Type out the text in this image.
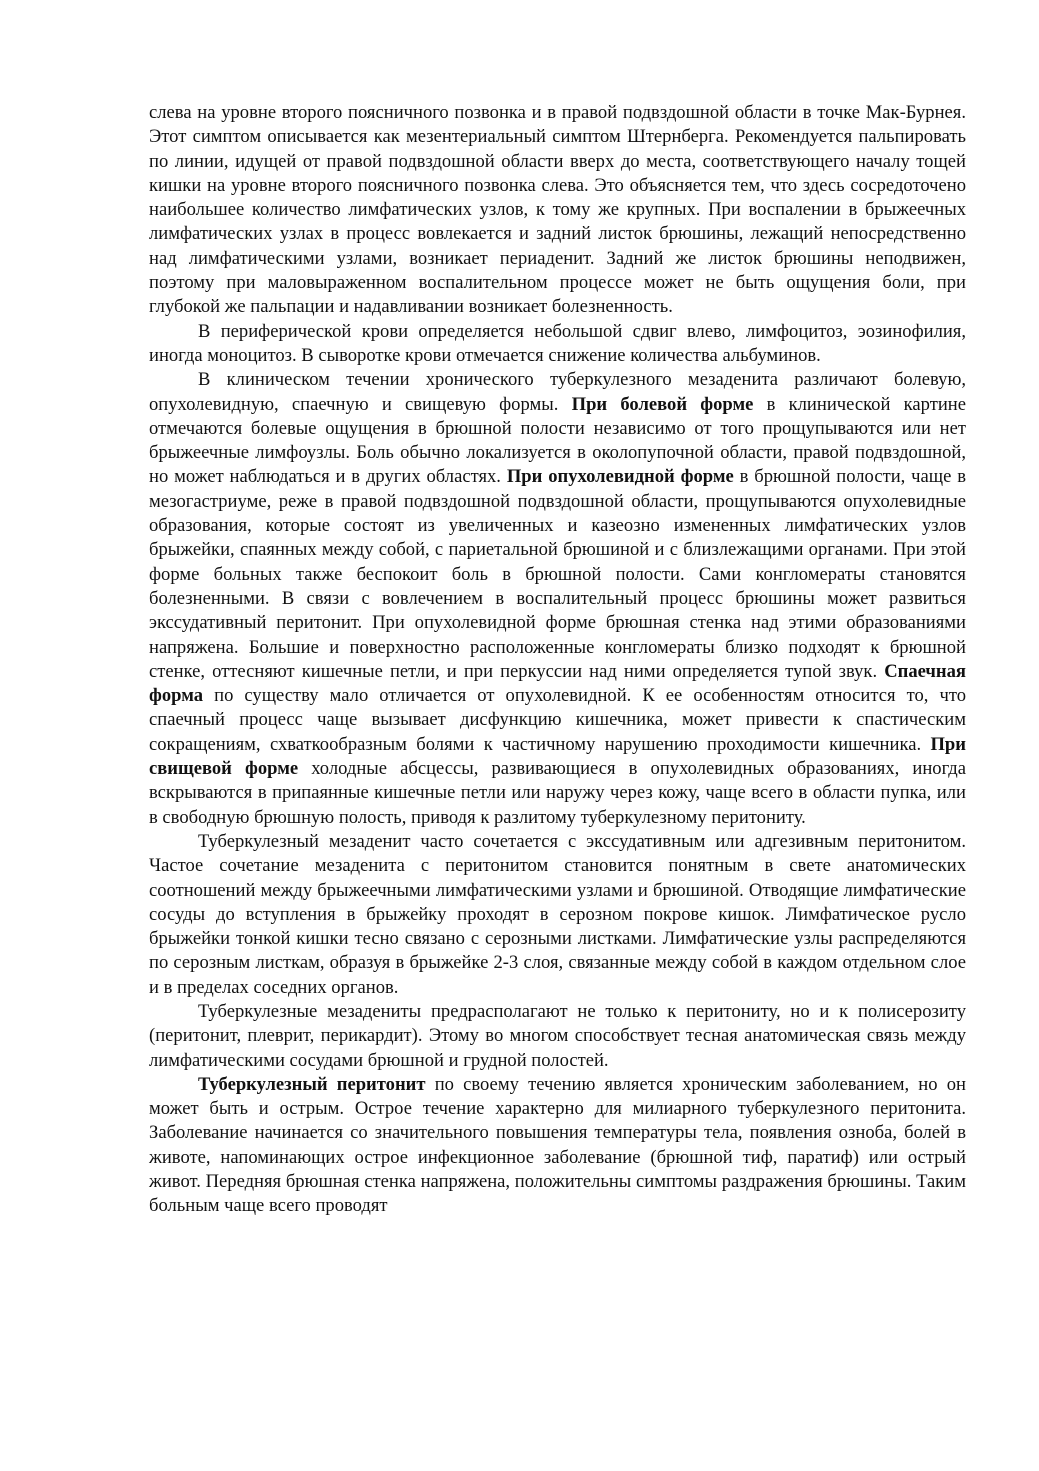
слева на уровне второго поясничного позвонка и в правой подвздошной области в точке Мак-Бурнея. Этот симптом описывается как мезентериальный симптом Штернберга. Рекомендуется пальпировать по линии, идущей от правой подвздошной области вверх до места, соответствующего началу тощей кишки на уровне второго поясничного позвонка слева. Это объясняется тем, что здесь сосредоточено наибольшее количество лимфатических узлов, к тому же крупных. При воспалении в брыжеечных лимфатических узлах в процесс вовлекается и задний листок брюшины, лежащий непосредственно над лимфатическими узлами, возникает периаденит. Задний же листок брюшины неподвижен, поэтому при маловыраженном воспалительном процессе может не быть ощущения боли, при глубокой же пальпации и надавливании возникает болезненность.

В периферической крови определяется небольшой сдвиг влево, лимфоцитоз, эозинофилия, иногда моноцитоз. В сыворотке крови отмечается снижение количества альбуминов.

В клиническом течении хронического туберкулезного мезаденита различают болевую, опухолевидную, спаечную и свищевую формы. При болевой форме в клинической картине отмечаются болевые ощущения в брюшной полости независимо от того прощупываются или нет брыжеечные лимфоузлы. Боль обычно локализуется в околопупочной области, правой подвздошной, но может наблюдаться и в других областях. При опухолевидной форме в брюшной полости, чаще в мезогастриуме, реже в правой подвздошной подвздошной области, прощупываются опухолевидные образования, которые состоят из увеличенных и казеозно измененных лимфатических узлов брыжейки, спаянных между собой, с париетальной брюшиной и с близлежащими органами. При этой форме больных также беспокоит боль в брюшной полости. Сами конгломераты становятся болезненными. В связи с вовлечением в воспалительный процесс брюшины может развиться экссудативный перитонит. При опухолевидной форме брюшная стенка над этими образованиями напряжена. Большие и поверхностно расположенные конгломераты близко подходят к брюшной стенке, оттесняют кишечные петли, и при перкуссии над ними определяется тупой звук. Спаечная форма по существу мало отличается от опухолевидной. К ее особенностям относится то, что спаечный процесс чаще вызывает дисфункцию кишечника, может привести к спастическим сокращениям, схваткообразным болями к частичному нарушению проходимости кишечника. При свищевой форме холодные абсцессы, развивающиеся в опухолевидных образованиях, иногда вскрываются в припаянные кишечные петли или наружу через кожу, чаще всего в области пупка, или в свободную брюшную полость, приводя к разлитому туберкулезному перитониту.

Туберкулезный мезаденит часто сочетается с экссудативным или адгезивным перитонитом. Частое сочетание мезаденита с перитонитом становится понятным в свете анатомических соотношений между брыжеечными лимфатическими узлами и брюшиной. Отводящие лимфатические сосуды до вступления в брыжейку проходят в серозном покрове кишок. Лимфатическое русло брыжейки тонкой кишки тесно связано с серозными листками. Лимфатические узлы распределяются по серозным листкам, образуя в брыжейке 2-3 слоя, связанные между собой в каждом отдельном слое и в пределах соседних органов.

Туберкулезные мезадениты предрасполагают не только к перитониту, но и к полисерозиту (перитонит, плеврит, перикардит). Этому во многом способствует тесная анатомическая связь между лимфатическими сосудами брюшной и грудной полостей.

Туберкулезный перитонит по своему течению является хроническим заболеванием, но он может быть и острым. Острое течение характерно для милиарного туберкулезного перитонита. Заболевание начинается со значительного повышения температуры тела, появления озноба, болей в животе, напоминающих острое инфекционное заболевание (брюшной тиф, паратиф) или острый живот. Передняя брюшная стенка напряжена, положительны симптомы раздражения брюшины. Таким больным чаще всего проводят
